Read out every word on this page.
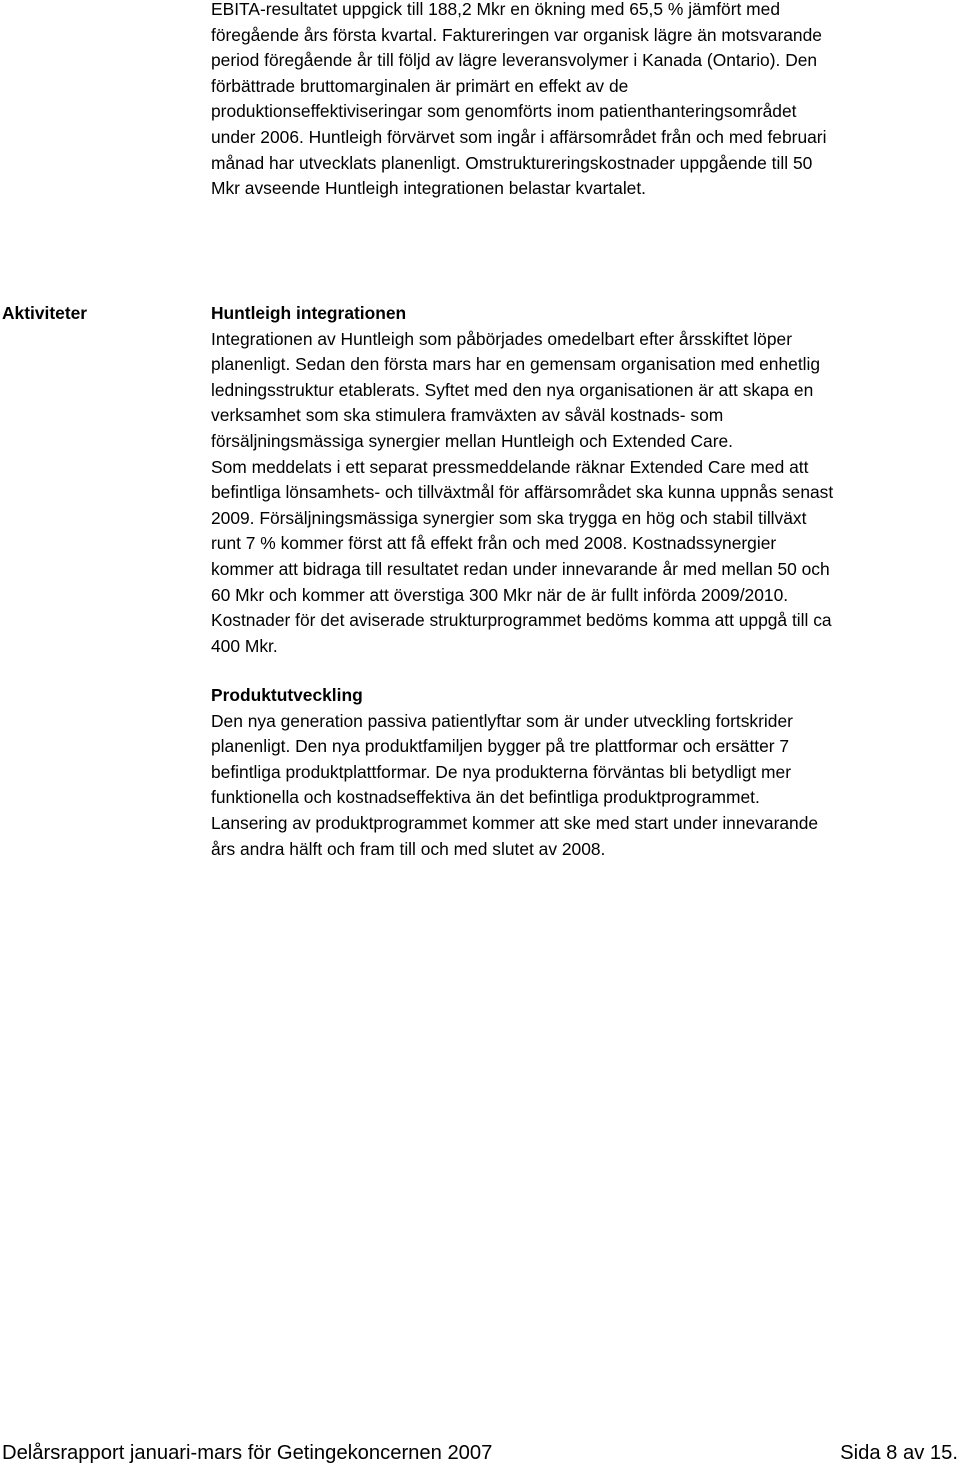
EBITA-resultatet uppgick till 188,2 Mkr en ökning med 65,5 % jämfört med
föregående års första kvartal. Faktureringen var organisk lägre än motsvarande
period föregående år till följd av lägre leveransvolymer i Kanada (Ontario). Den
förbättrade bruttomarginalen är primärt en effekt av de
produktionseffektiviseringar som genomförts inom patienthanteringsområdet
under 2006. Huntleigh förvärvet som ingår i affärsområdet från och med februari
månad har utvecklats planenligt. Omstruktureringskostnader uppgående till 50
Mkr avseende Huntleigh integrationen belastar kvartalet.
Aktiviteter	Huntleigh integrationen
Integrationen av Huntleigh som påbörjades omedelbart efter årsskiftet löper
planenligt. Sedan den första mars har en gemensam organisation med enhetlig
ledningsstruktur etablerats. Syftet med den nya organisationen är att skapa en
verksamhet som ska stimulera framväxten av såväl kostnads- som
försäljningsmässiga synergier mellan Huntleigh och Extended Care.
Som meddelats i ett separat pressmeddelande räknar Extended Care med att
befintliga lönsamhets- och tillväxtmål för affärsområdet ska kunna uppnås senast
2009. Försäljningsmässiga synergier som ska trygga en hög och stabil tillväxt
runt 7 % kommer först att få effekt från och med 2008. Kostnadssynergier
kommer att bidraga till resultatet redan under innevarande år med mellan 50 och
60 Mkr och kommer att överstiga 300 Mkr när de är fullt införda 2009/2010.
Kostnader för det aviserade strukturprogrammet bedöms komma att uppgå till ca
400 Mkr.
Produktutveckling
Den nya generation passiva patientlyftar som är under utveckling fortskrider
planenligt. Den nya produktfamiljen bygger på tre plattformar och ersätter 7
befintliga produktplattformar. De nya produkterna förväntas bli betydligt mer
funktionella och kostnadseffektiva än det befintliga produktprogrammet.
Lansering av produktprogrammet kommer att ske med start under innevarande
års andra hälft och fram till och med slutet av 2008.
Delårsrapport januari-mars för Getingekoncernen 2007	Sida 8 av 15.
